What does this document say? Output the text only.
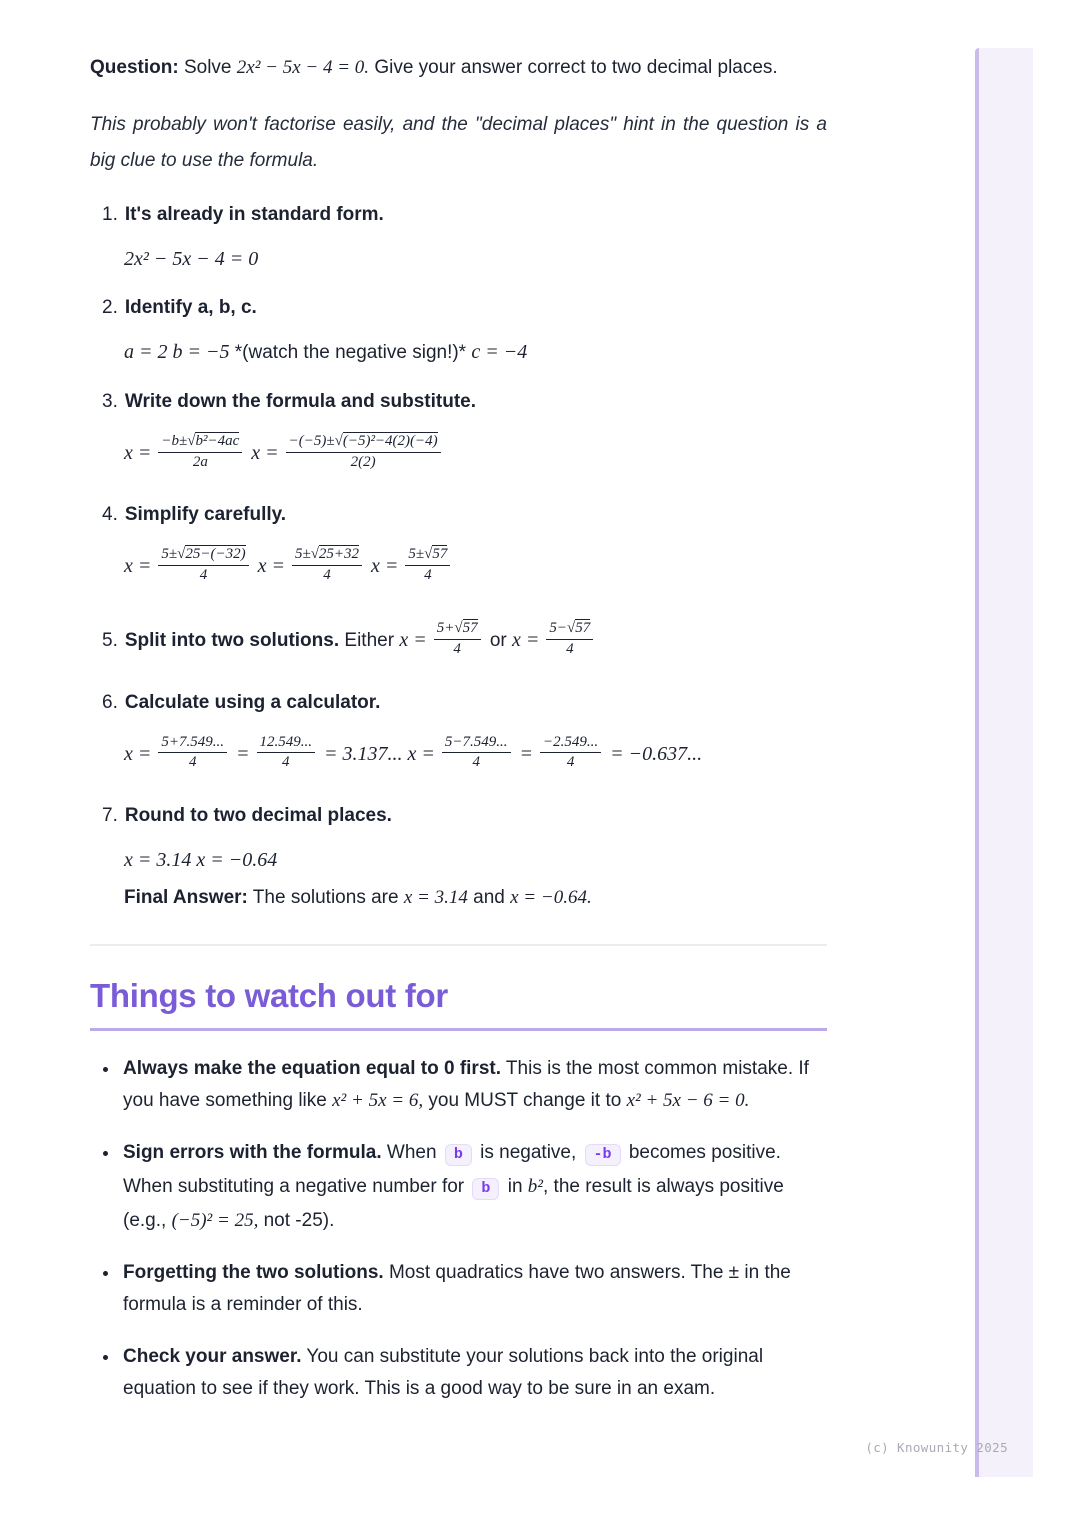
Question: Solve 2x² − 5x − 4 = 0. Give your answer correct to two decimal places.

This probably won't factorise easily, and the "decimal places" hint in the question is a big clue to use the formula.

1. It's already in standard form.

2x² − 5x − 4 = 0

2. Identify a, b, c.

a = 2 b = −5 *(watch the negative sign!)* c = −4

3. Write down the formula and substitute.

$x = \frac{\text{−b±√b²−4ac}}{2a}$ $x = \frac{\text{−(−5)±√(−5)²−4(2)(−4)}}{2(2)}$

4. Simplify carefully.

$x = \frac{5\pm√25-(-32)}{4}$ $x = \frac{5\pm√25+32}{4}$ $x = \frac{5\pm√57}{4}$

5. Split into two solutions. Either $x = \frac{5+√57}{4}$ or $x = \frac{5-√57}{4}$

6. Calculate using a calculator.

$x = \frac{5+7.549...}{4} = \frac{12.549...}{4} = 3.137$... $x = \frac{5-7.549...}{4} = \frac{-2.549...}{4} = -0.637$...

7. Round to two decimal places.

x = 3.14 x = −0.64

Final Answer: The solutions are x = 3.14 and x = −0.64.

Things to watch out for
• Always make the equation equal to 0 first. This is the most common mistake. If you have something like x² + 5x = 6, you MUST change it to x² + 5x − 6 = 0.
• Sign errors with the formula. When b is negative, -b becomes positive. When substituting a negative number for b in b², the result is always positive (e.g., (−5)² = 25, not -25).
• Forgetting the two solutions. Most quadratics have two answers. The ± in the formula is a reminder of this.
• Check your answer. You can substitute your solutions back into the original equation to see if they work. This is a good way to be sure in an exam.
(c) Knowunity 2025
